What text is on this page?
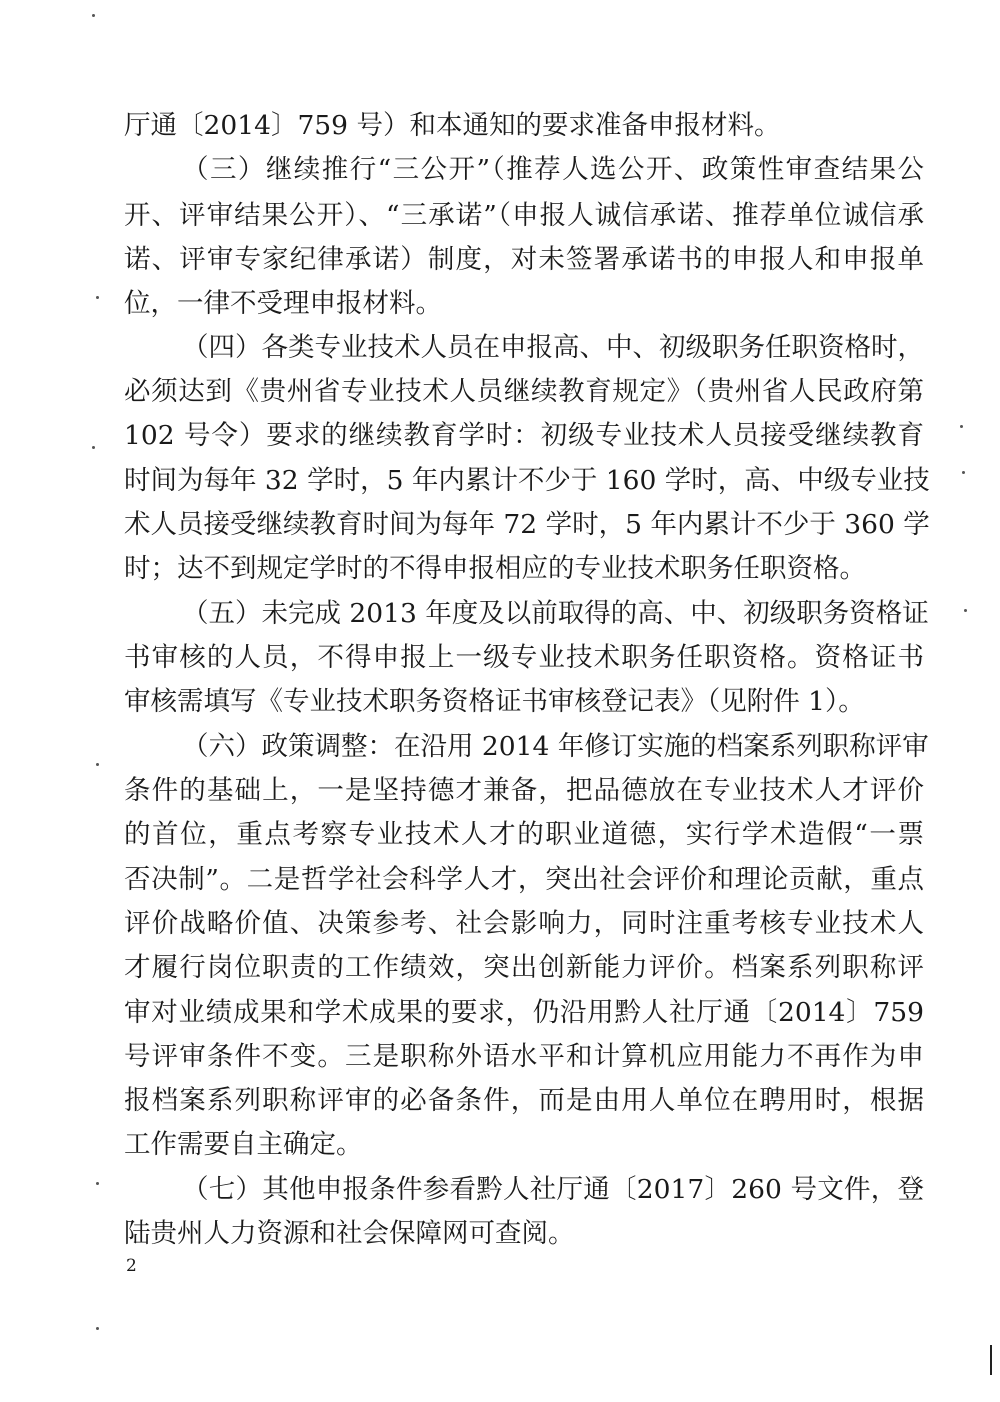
厅通〔2014〕759 号）和本通知的要求准备申报材料。
（三）继续推行“三公开”（推荐人选公开、政策性审查结果公
开、评审结果公开）、“三承诺”（申报人诚信承诺、推荐单位诚信承
诺、评审专家纪律承诺）制度，对未签署承诺书的申报人和申报单
位，一律不受理申报材料。
（四）各类专业技术人员在申报高、中、初级职务任职资格时，
必须达到《贵州省专业技术人员继续教育规定》（贵州省人民政府第
102 号令）要求的继续教育学时：初级专业技术人员接受继续教育
时间为每年 32 学时，5 年内累计不少于 160 学时，高、中级专业技
术人员接受继续教育时间为每年 72 学时，5 年内累计不少于 360 学
时；达不到规定学时的不得申报相应的专业技术职务任职资格。
（五）未完成 2013 年度及以前取得的高、中、初级职务资格证
书审核的人员，不得申报上一级专业技术职务任职资格。资格证书
审核需填写《专业技术职务资格证书审核登记表》（见附件 1）。
（六）政策调整：在沿用 2014 年修订实施的档案系列职称评审
条件的基础上，一是坚持德才兼备，把品德放在专业技术人才评价
的首位，重点考察专业技术人才的职业道德，实行学术造假“一票
否决制”。二是哲学社会科学人才，突出社会评价和理论贡献，重点
评价战略价值、决策参考、社会影响力，同时注重考核专业技术人
才履行岗位职责的工作绩效，突出创新能力评价。档案系列职称评
审对业绩成果和学术成果的要求，仍沿用黔人社厅通〔2014〕759
号评审条件不变。三是职称外语水平和计算机应用能力不再作为申
报档案系列职称评审的必备条件，而是由用人单位在聘用时，根据
工作需要自主确定。
（七）其他申报条件参看黔人社厅通〔2017〕260 号文件，登
陆贵州人力资源和社会保障网可查阅。
2
